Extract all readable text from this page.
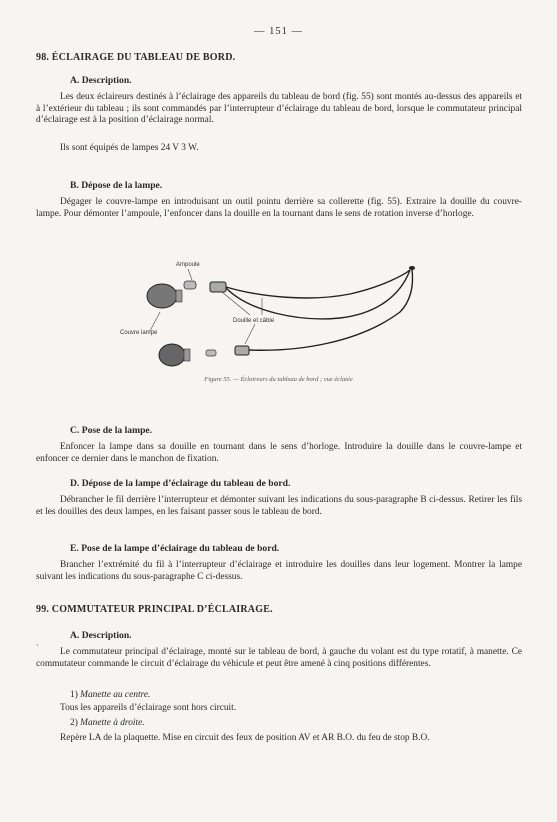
— 151 —
98. ÉCLAIRAGE DU TABLEAU DE BORD.
A. Description.

Les deux éclaireurs destinés à l’éclairage des appareils du tableau de bord (fig. 55) sont montés au-dessus des appareils et à l’extérieur du tableau ; ils sont commandés par l’interrupteur d’éclairage du tableau de bord, lorsque le commutateur principal d’éclairage est à la position d’éclairage normal.

Ils sont équipés de lampes 24 V 3 W.

B. Dépose de la lampe.

Dégager le couvre-lampe en introduisant un outil pointu derrière sa collerette (fig. 55). Extraire la douille du couvre-lampe. Pour démonter l’ampoule, l’enfoncer dans la douille en la tournant dans le sens de rotation inverse d’horloge.

Ampoule
Couvre lampe
Douille et câble
Figure 55. — Éclaireurs du tableau de bord ; vue éclatée
C. Pose de la lampe.

Enfoncer la lampe dans sa douille en tournant dans le sens d’horloge. Introduire la douille dans le couvre-lampe et enfoncer ce dernier dans le manchon de fixation.

D. Dépose de la lampe d’éclairage du tableau de bord.

Débrancher le fil derrière l’interrupteur et démonter suivant les indications du sous-paragraphe B ci-dessus. Retirer les fils et les douilles des deux lampes, en les faisant passer sous le tableau de bord.

E. Pose de la lampe d’éclairage du tableau de bord.

Brancher l’extrémité du fil à l’interrupteur d’éclairage et introduire les douilles dans leur logement. Montrer la lampe suivant les indications du sous-paragraphe C ci-dessus.

99. COMMUTATEUR PRINCIPAL D’ÉCLAIRAGE.
A. Description.
‚

Le commutateur principal d’éclairage, monté sur le tableau de bord, à gauche du volant est du type rotatif, à manette. Ce commutateur commande le circuit d’éclairage du véhicule et peut être amené à cinq positions différentes.

1) Manette au centre.

Tous les appareils d’éclairage sont hors circuit.

2) Manette à droite.

Repère LA de la plaquette. Mise en circuit des feux de position AV et AR B.O. du feu de stop B.O.
